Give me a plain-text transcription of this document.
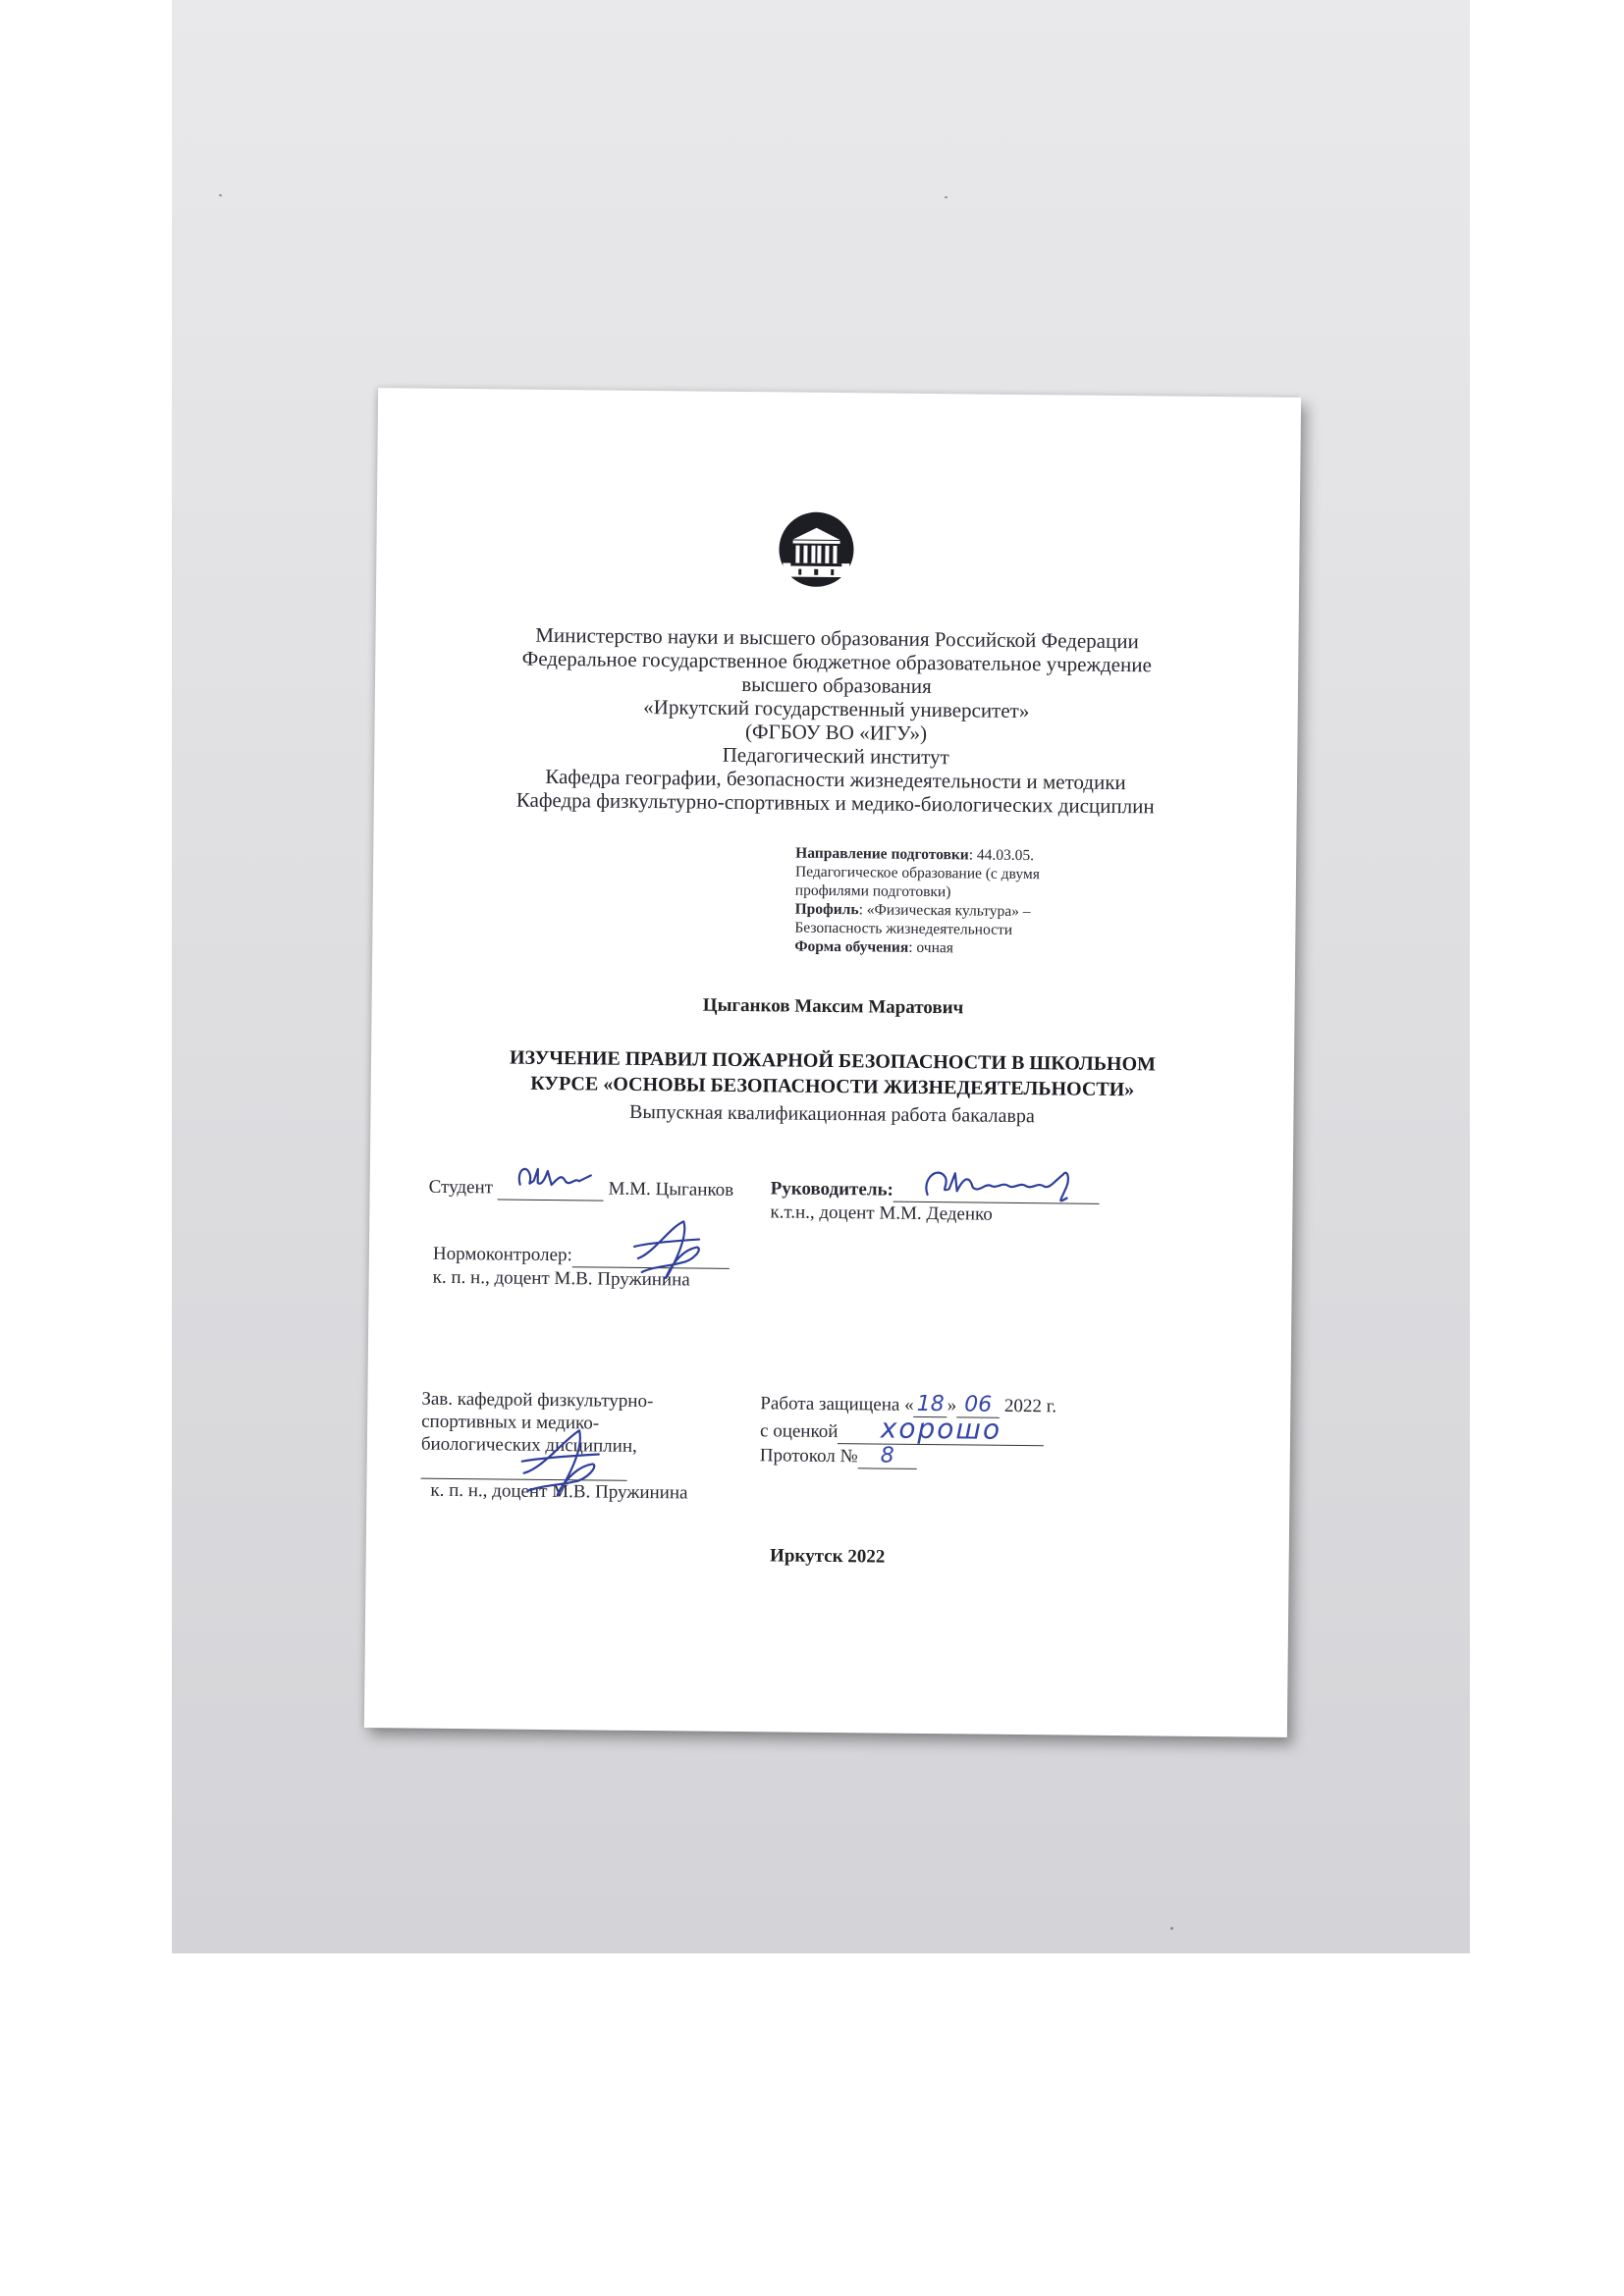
Министерство науки и высшего образования Российской Федерации
Федеральное государственное бюджетное образовательное учреждение
высшего образования
«Иркутский государственный университет»
(ФГБОУ ВО «ИГУ»)
Педагогический институт
Кафедра географии, безопасности жизнедеятельности и методики
Кафедра физкультурно-спортивных и медико-биологических дисциплин
Направление подготовки: 44.03.05.
Педагогическое образование (с двумя
профилями подготовки)
Профиль: «Физическая культура» –
Безопасность жизнедеятельности
Форма обучения: очная
Цыганков Максим Маратович
ИЗУЧЕНИЕ ПРАВИЛ ПОЖАРНОЙ БЕЗОПАСНОСТИ В ШКОЛЬНОМ
КУРСЕ «ОСНОВЫ БЕЗОПАСНОСТИ ЖИЗНЕДЕЯТЕЛЬНОСТИ»
Выпускная квалификационная работа бакалавра
Студент	М.М. Цыганков Руководитель:
к.т.н., доцент М.М. Деденко
Нормоконтролер:
к. п. н., доцент М.В. Пружинина
Зав. кафедрой физкультурно-
спортивных и медико-
биологических дисциплин,

к. п. н., доцент М.В. Пружинина
Работа защищена « 18 » 06 2022 г.
с оценкой хорошо
Протокол № 8
Иркутск 2022
